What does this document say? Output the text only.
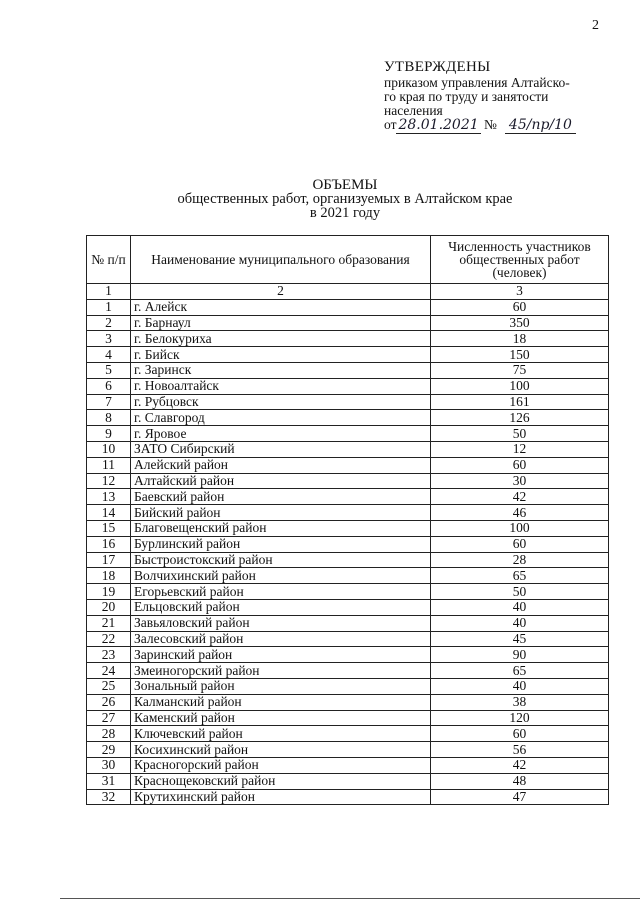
2
УТВЕРЖДЕНЫ
приказом управления Алтайско-
го края по труду и занятости
населения
от 28.01.2021 № 45/пр/10
ОБЪЕМЫ
общественных работ, организуемых в Алтайском крае
в 2021 году
№ п/п	Наименование муниципального образования	Численность участников общественных работ (человек)
1	2	3
1	г. Алейск	60
2	г. Барнаул	350
3	г. Белокуриха	18
4	г. Бийск	150
5	г. Заринск	75
6	г. Новоалтайск	100
7	г. Рубцовск	161
8	г. Славгород	126
9	г. Яровое	50
10	ЗАТО Сибирский	12
11	Алейский район	60
12	Алтайский район	30
13	Баевский район	42
14	Бийский район	46
15	Благовещенский район	100
16	Бурлинский район	60
17	Быстроистокский район	28
18	Волчихинский район	65
19	Егорьевский район	50
20	Ельцовский район	40
21	Завьяловский район	40
22	Залесовский район	45
23	Заринский район	90
24	Змеиногорский район	65
25	Зональный район	40
26	Калманский район	38
27	Каменский район	120
28	Ключевский район	60
29	Косихинский район	56
30	Красногорский район	42
31	Краснощековский район	48
32	Крутихинский район	47
